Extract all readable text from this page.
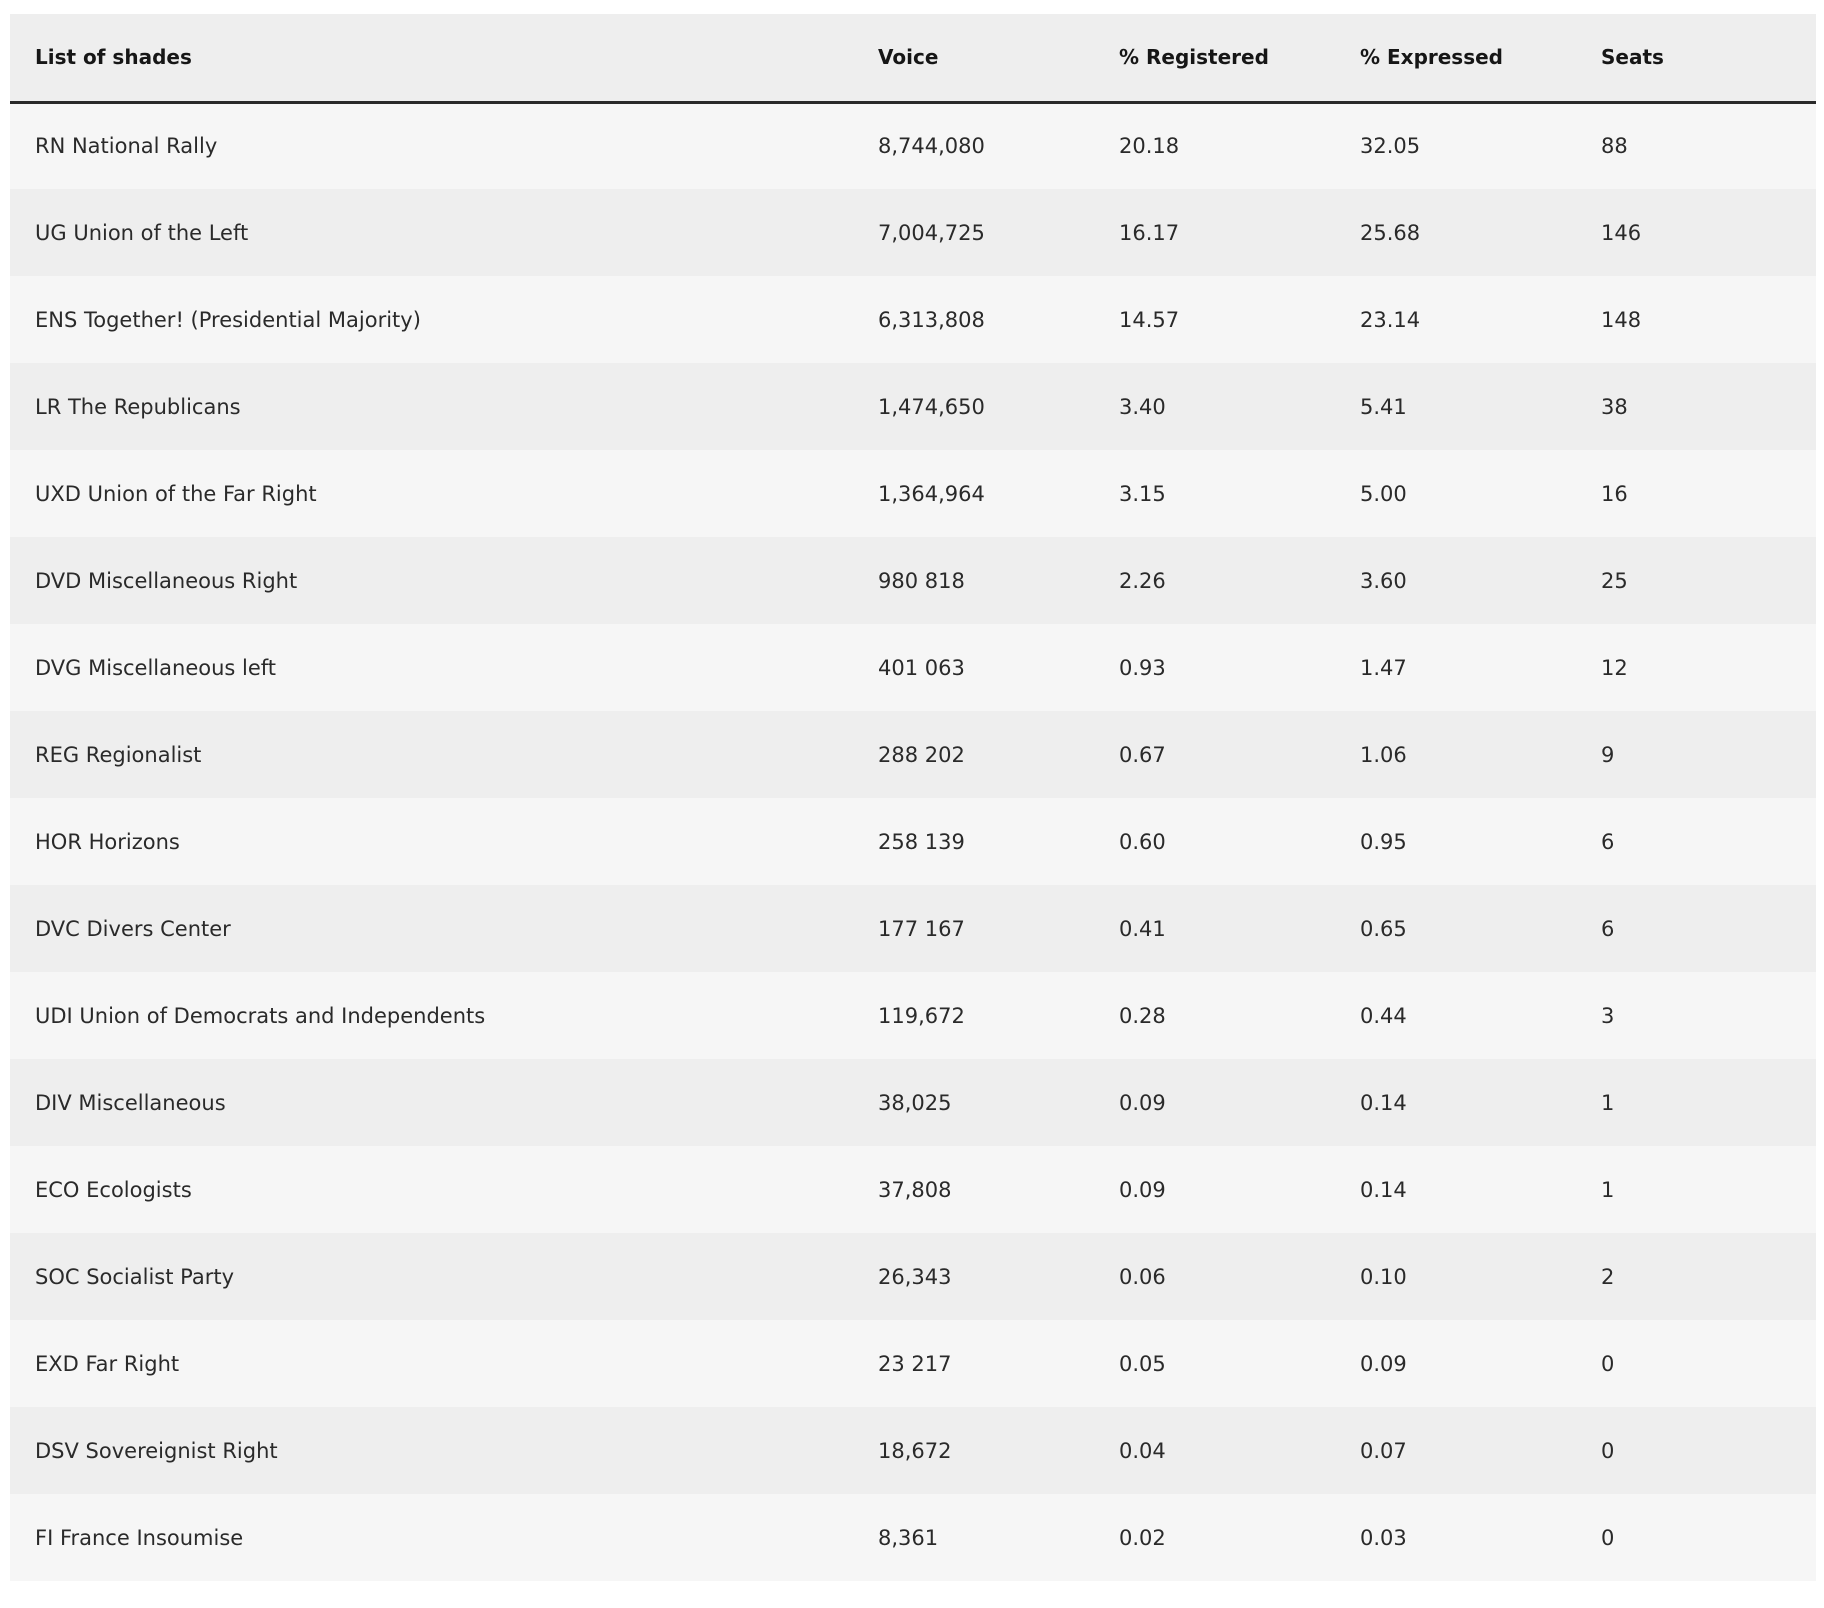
List of shades	Voice	% Registered	% Expressed	Seats
RN National Rally	8,744,080	20.18	32.05	88
UG Union of the Left	7,004,725	16.17	25.68	146
ENS Together! (Presidential Majority)	6,313,808	14.57	23.14	148
LR The Republicans	1,474,650	3.40	5.41	38
UXD Union of the Far Right	1,364,964	3.15	5.00	16
DVD Miscellaneous Right	980 818	2.26	3.60	25
DVG Miscellaneous left	401 063	0.93	1.47	12
REG Regionalist	288 202	0.67	1.06	9
HOR Horizons	258 139	0.60	0.95	6
DVC Divers Center	177 167	0.41	0.65	6
UDI Union of Democrats and Independents	119,672	0.28	0.44	3
DIV Miscellaneous	38,025	0.09	0.14	1
ECO Ecologists	37,808	0.09	0.14	1
SOC Socialist Party	26,343	0.06	0.10	2
EXD Far Right	23 217	0.05	0.09	0
DSV Sovereignist Right	18,672	0.04	0.07	0
FI France Insoumise	8,361	0.02	0.03	0
